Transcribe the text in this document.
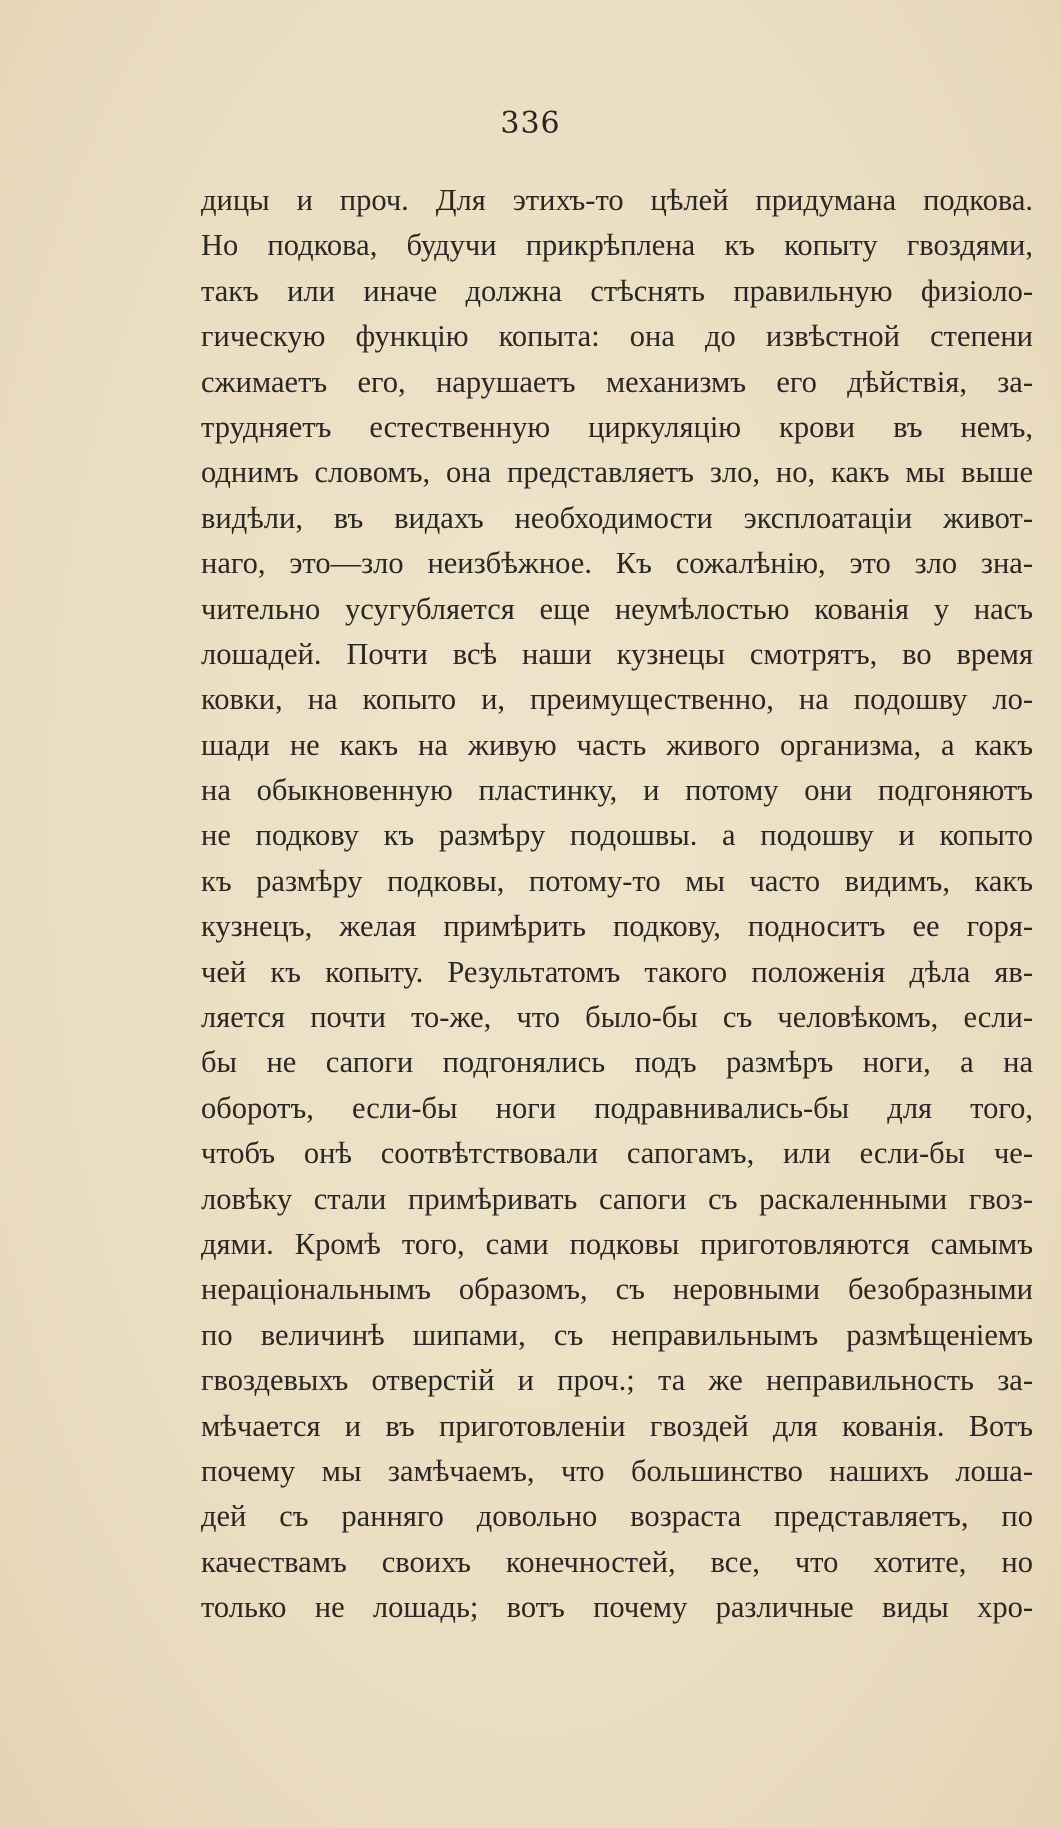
336
дицы и проч. Для этихъ-то цѣлей придумана подкова.
Но подкова, будучи прикрѣплена къ копыту гвоздями,
такъ или иначе должна стѣснять правильную физіоло-
гическую функцію копыта: она до извѣстной степени
сжимаетъ его, нарушаетъ механизмъ его дѣйствія, за-
трудняетъ естественную циркуляцію крови въ немъ,
однимъ словомъ, она представляетъ зло, но, какъ мы выше
видѣли, въ видахъ необходимости эксплоатаціи живот-
наго, это—зло неизбѣжное. Къ сожалѣнію, это зло зна-
чительно усугубляется еще неумѣлостью кованія у насъ
лошадей. Почти всѣ наши кузнецы смотрятъ, во время
ковки, на копыто и, преимущественно, на подошву ло-
шади не какъ на живую часть живого организма, а какъ
на обыкновенную пластинку, и потому они подгоняютъ
не подкову къ размѣру подошвы. а подошву и копыто
къ размѣру подковы, потому-то мы часто видимъ, какъ
кузнецъ, желая примѣрить подкову, подноситъ ее горя-
чей къ копыту. Результатомъ такого положенія дѣла яв-
ляется почти то-же, что было-бы съ человѣкомъ, если-
бы не сапоги подгонялись подъ размѣръ ноги, а на
оборотъ, если-бы ноги подравнивались-бы для того,
чтобъ онѣ соотвѣтствовали сапогамъ, или если-бы че-
ловѣку стали примѣривать сапоги съ раскаленными гвоз-
дями. Кромѣ того, сами подковы приготовляются самымъ
нераціональнымъ образомъ, съ неровными безобразными
по величинѣ шипами, съ неправильнымъ размѣщеніемъ
гвоздевыхъ отверстій и проч.; та же неправильность за-
мѣчается и въ приготовленіи гвоздей для кованія. Вотъ
почему мы замѣчаемъ, что большинство нашихъ лоша-
дей съ ранняго довольно возраста представляетъ, по
качествамъ своихъ конечностей, все, что хотите, но
только не лошадь; вотъ почему различные виды хро-
